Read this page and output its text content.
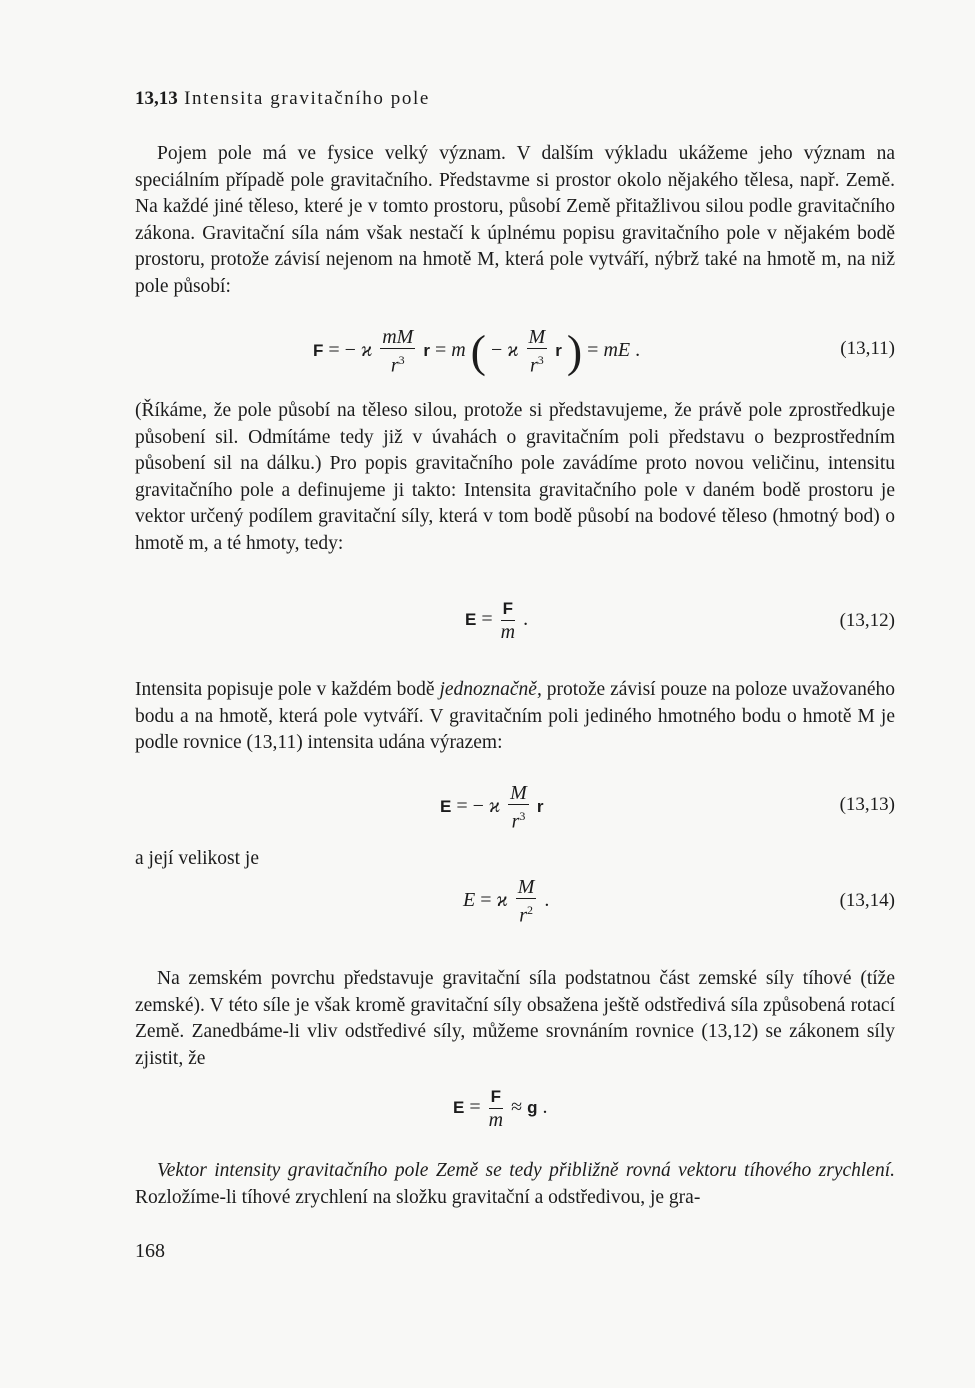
13,13 Intensita gravitačního pole

Pojem pole má ve fysice velký význam. V dalším výkladu ukážeme jeho význam na speciálním případě pole gravitačního. Představme si prostor okolo nějakého tělesa, např. Země. Na každé jiné těleso, které je v tomto prostoru, působí Země přitažlivou silou podle gravitačního zákona. Gravitační síla nám však nestačí k úplnému popisu gravitačního pole v nějakém bodě prostoru, protože závisí nejenom na hmotě M, která pole vytváří, nýbrž také na hmotě m, na niž pole působí:

F = − ϰ $\frac{mM}{r^3}$ r = m ( − ϰ $\frac{M}{r^3}$ r ) = mE .	(13,11)

(Říkáme, že pole působí na těleso silou, protože si představujeme, že právě pole zprostředkuje působení sil. Odmítáme tedy již v úvahách o gravitačním poli představu o bezprostředním působení sil na dálku.) Pro popis gravitačního pole zavádíme proto novou veličinu, intensitu gravitačního pole a definujeme ji takto: Intensita gravitačního pole v daném bodě prostoru je vektor určený podílem gravitační síly, která v tom bodě působí na bodové těleso (hmotný bod) o hmotě m, a té hmoty, tedy:

$E = \frac{F}{m}$ .	(13,12)

Intensita popisuje pole v každém bodě jednoznačně, protože závisí pouze na poloze uvažovaného bodu a na hmotě, která pole vytváří. V gravitačním poli jediného hmotného bodu o hmotě M je podle rovnice (13,11) intensita udána výrazem:

E = − ϰ $\frac{M}{r^3}$ r	(13,13)

a její velikost je

E = ϰ $\frac{M}{r^2}$ .	(13,14)

Na zemském povrchu představuje gravitační síla podstatnou část zemské síly tíhové (tíže zemské). V této síle je však kromě gravitační síly obsažena ještě odstředivá síla způsobená rotací Země. Zanedbáme-li vliv odstředivé síly, můžeme srovnáním rovnice (13,12) se zákonem síly zjistit, že

$E = \frac{F}{m} \approx g$ .

Vektor intensity gravitačního pole Země se tedy přibližně rovná vektoru tíhového zrychlení. Rozložíme-li tíhové zrychlení na složku gravitační a odstředivou, je gra-

168
